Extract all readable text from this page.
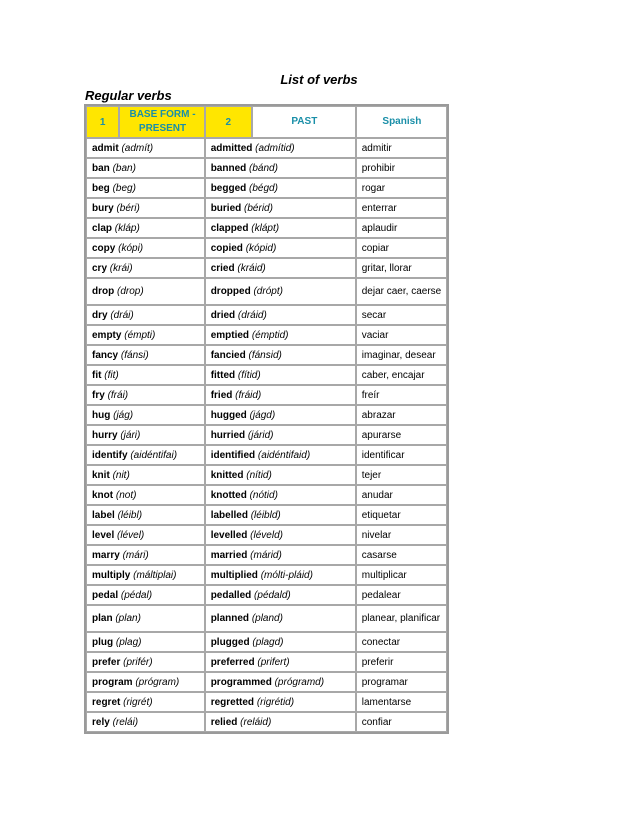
List of verbs
Regular verbs
1	BASE FORM - PRESENT	2	PAST	Spanish
admit (admít)		admitted (admítid)		admitir
ban (ban)		banned (bánd)		prohibir
beg (beg)		begged (bégd)		rogar
bury (béri)		buried (bérid)		enterrar
clap (kláp)		clapped (klápt)		aplaudir
copy (kópi)		copied (kópid)		copiar
cry (krái)		cried (kráid)		gritar, llorar
drop (drop)		dropped (drópt)		dejar caer, caerse
dry (drái)		dried (dráid)		secar
empty (émpti)		emptied (émptid)		vaciar
fancy (fánsi)		fancied (fánsid)		imaginar, desear
fit (fit)		fitted (fítid)		caber, encajar
fry (frái)		fried (fráid)		freír
hug (jág)		hugged (jágd)		abrazar
hurry (jári)		hurried (járid)		apurarse
identify (aidéntifai)		identified (aidéntifaid)		identificar
knit (nit)		knitted (nítid)		tejer
knot (not)		knotted (nótid)		anudar
label (léibl)		labelled (léibld)		etiquetar
level (lével)		levelled (léveld)		nivelar
marry (mári)		married (márid)		casarse
multiply (máltiplai)		multiplied (mólti-pláid)		multiplicar
pedal (pédal)		pedalled (pédald)		pedalear
plan (plan)		planned (pland)		planear, planificar
plug (plag)		plugged (plagd)		conectar
prefer (prifér)		preferred (prifert)		preferir
program (prógram)		programmed (prógramd)		programar
regret (rigrét)		regretted (rigrétid)		lamentarse
rely (relái)		relied (reláid)		confiar
